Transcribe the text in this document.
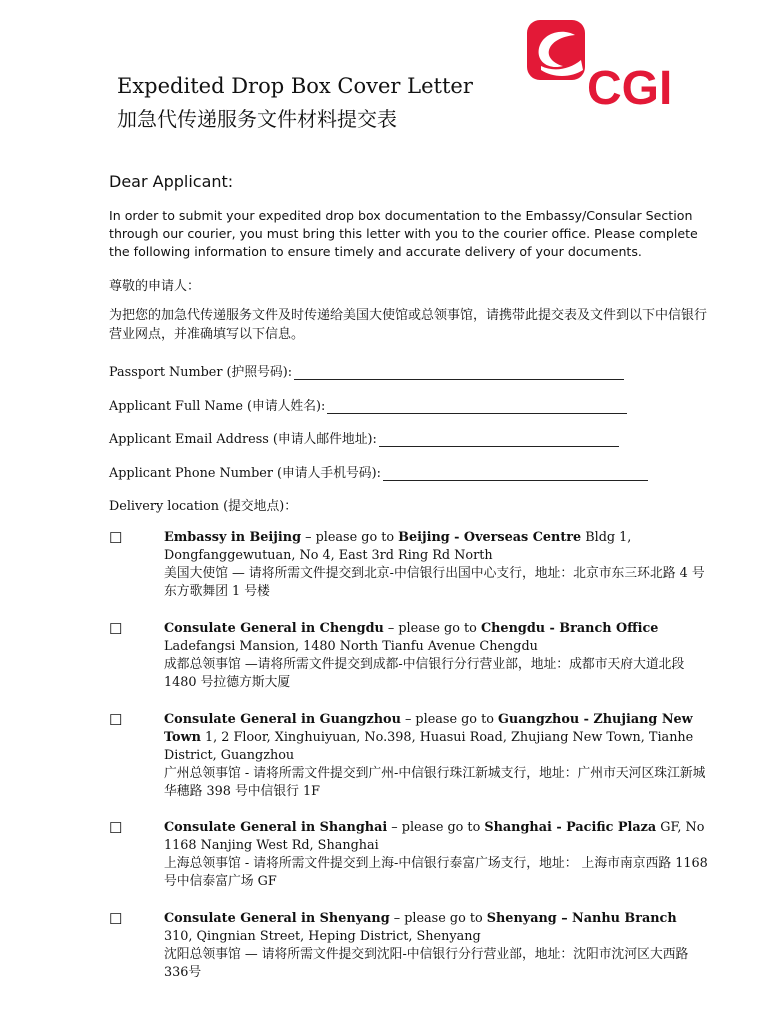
CGI
Expedited Drop Box Cover Letter
加急代传递服务文件材料提交表
Dear Applicant:
In order to submit your expedited drop box documentation to the Embassy/Consular Section through our courier, you must bring this letter with you to the courier office. Please complete the following information to ensure timely and accurate delivery of your documents.
尊敬的申请人：
为把您的加急代传递服务文件及时传递给美国大使馆或总领事馆，请携带此提交表及文件到以下中信银行营业网点，并准确填写以下信息。
Passport Number (护照号码):
Applicant Full Name (申请人姓名):
Applicant Email Address (申请人邮件地址):
Applicant Phone Number (申请人手机号码):
Delivery location (提交地点)：
☐	Embassy in Beijing – please go to Beijing - Overseas Centre Bldg 1, Dongfanggewutuan, No 4, East 3rd Ring Rd North
美国大使馆 — 请将所需文件提交到北京-中信银行出国中心支行，地址：北京市东三环北路 4 号东方歌舞团 1 号楼
☐	Consulate General in Chengdu – please go to Chengdu - Branch Office Ladefangsi Mansion, 1480 North Tianfu Avenue Chengdu
成都总领事馆 —请将所需文件提交到成都-中信银行分行营业部，地址：成都市天府大道北段 1480 号拉德方斯大厦
☐	Consulate General in Guangzhou – please go to Guangzhou - Zhujiang New Town 1, 2 Floor, Xinghuiyuan, No.398, Huasui Road, Zhujiang New Town, Tianhe District, Guangzhou
广州总领事馆 - 请将所需文件提交到广州-中信银行珠江新城支行，地址：广州市天河区珠江新城华穗路 398 号中信银行 1F
☐	Consulate General in Shanghai – please go to Shanghai - Pacific Plaza GF, No 1168 Nanjing West Rd, Shanghai
上海总领事馆 - 请将所需文件提交到上海-中信银行泰富广场支行，地址： 上海市南京西路 1168 号中信泰富广场 GF
☐	Consulate General in Shenyang – please go to Shenyang – Nanhu Branch 310, Qingnian Street, Heping District, Shenyang
沈阳总领事馆 — 请将所需文件提交到沈阳-中信银行分行营业部，地址：沈阳市沈河区大西路336号
